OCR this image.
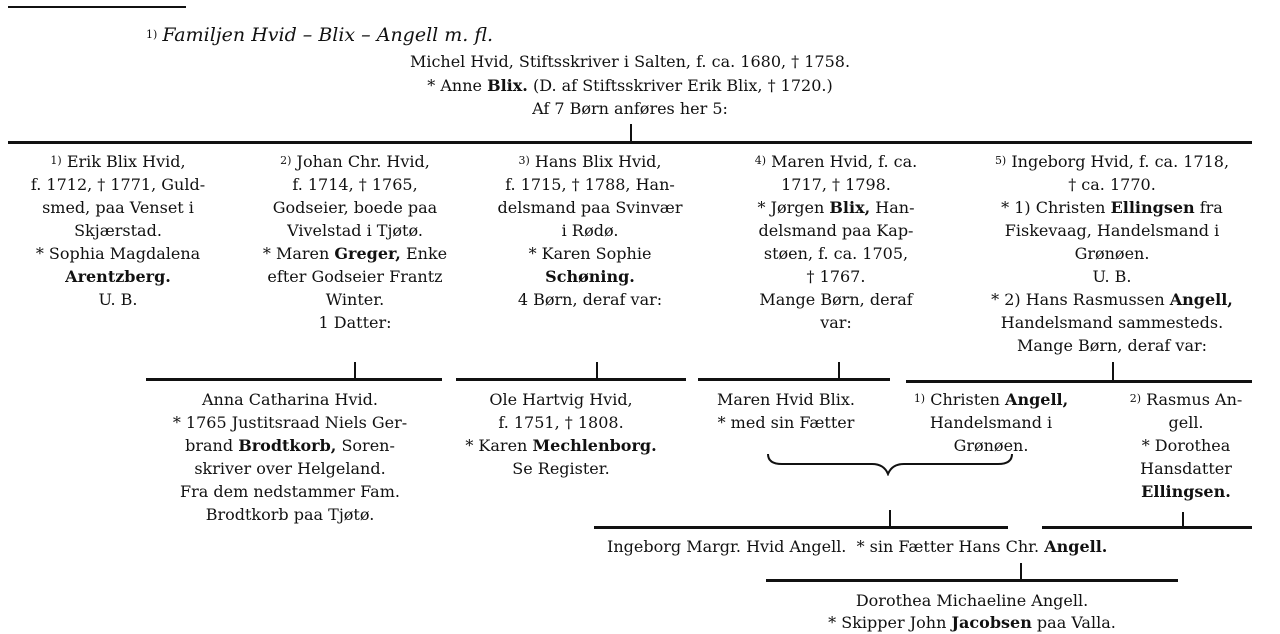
$^{1)}$ Familjen Hvid – Blix – Angell m. fl.
Michel Hvid, Stiftsskriver i Salten, f. ca. 1680, † 1758.
* Anne Blix. (D. af Stiftsskriver Erik Blix, † 1720.)
Af 7 Børn anføres her 5:
$^{1)}$ Erik Blix Hvid,
f. 1712, † 1771, Guld-
smed, paa Venset i
Skjærstad.
* Sophia Magdalena
Arentzberg.
U. B.
$^{2)}$ Johan Chr. Hvid,
f. 1714, † 1765,
Godseier, boede paa
Vivelstad i Tjøtø.
* Maren Greger, Enke
efter Godseier Frantz
Winter.
1 Datter:
$^{3)}$ Hans Blix Hvid,
f. 1715, † 1788, Han-
delsmand paa Svinvær
i Rødø.
* Karen Sophie
Schøning.
4 Børn, deraf var:
$^{4)}$ Maren Hvid, f. ca.
1717, † 1798.
* Jørgen Blix, Han-
delsmand paa Kap-
støen, f. ca. 1705,
† 1767.
Mange Børn, deraf
var:
$^{5)}$ Ingeborg Hvid, f. ca. 1718,
† ca. 1770.
* 1) Christen Ellingsen fra
Fiskevaag, Handelsmand i
Grønøen.
U. B.
* 2) Hans Rasmussen Angell,
Handelsmand sammesteds.
Mange Børn, deraf var:
Anna Catharina Hvid.
* 1765 Justitsraad Niels Ger-
brand Brodtkorb, Soren-
skriver over Helgeland.
Fra dem nedstammer Fam.
Brodtkorb paa Tjøtø.
Ole Hartvig Hvid,
f. 1751, † 1808.
* Karen Mechlenborg.
Se Register.
Maren Hvid Blix.
* med sin Fætter
$^{1)}$ Christen Angell,
Handelsmand i
Grønøen.
$^{2)}$ Rasmus An-
gell.
* Dorothea
Hansdatter
Ellingsen.
Ingeborg Margr. Hvid Angell. * sin Fætter Hans Chr. Angell.
Dorothea Michaeline Angell.
* Skipper John Jacobsen paa Valla.
